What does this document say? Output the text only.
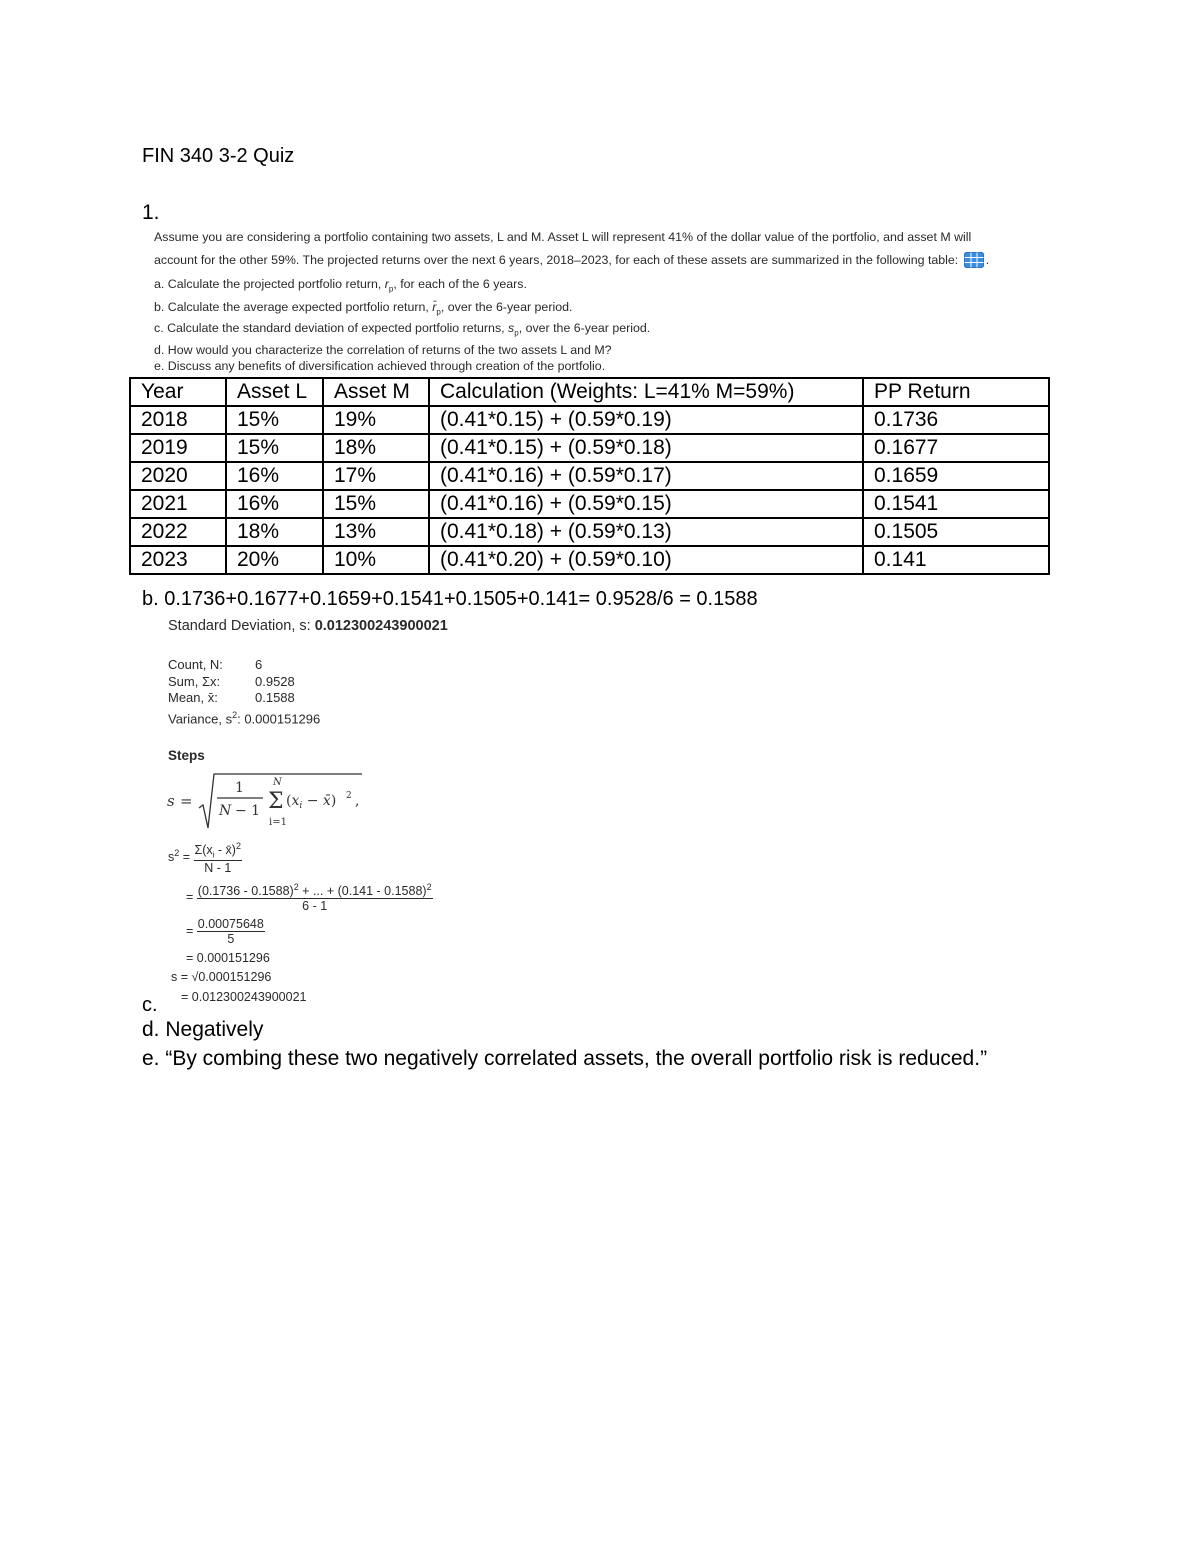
FIN 340 3-2 Quiz
1.
Assume you are considering a portfolio containing two assets, L and M. Asset L will represent 41% of the dollar value of the portfolio, and asset M will
account for the other 59%. The projected returns over the next 6 years, 2018–2023, for each of these assets are summarized in the following table: .
a. Calculate the projected portfolio return, $r_p$, for each of the 6 years.
b. Calculate the average expected portfolio return, $r̄_p$, over the 6-year period.
c. Calculate the standard deviation of expected portfolio returns, $s_p$, over the 6-year period.
d. How would you characterize the correlation of returns of the two assets L and M?
e. Discuss any benefits of diversification achieved through creation of the portfolio.
Year	Asset L	Asset M	Calculation (Weights: L=41% M=59%)	PP Return
2018	15%	19%	(0.41*0.15) + (0.59*0.19)	0.1736
2019	15%	18%	(0.41*0.15) + (0.59*0.18)	0.1677
2020	16%	17%	(0.41*0.16) + (0.59*0.17)	0.1659
2021	16%	15%	(0.41*0.16) + (0.59*0.15)	0.1541
2022	18%	13%	(0.41*0.18) + (0.59*0.13)	0.1505
2023	20%	10%	(0.41*0.20) + (0.59*0.10)	0.141
b. 0.1736+0.1677+0.1659+0.1541+0.1505+0.141= 0.9528/6 = 0.1588
Standard Deviation, s: 0.012300243900021
Count, N: 6
Sum, Σx:	0.9528
Mean, x̄:	0.1588
Variance, $s^2$: 0.000151296
Steps
s =
1
N − 1
N
Σ
i=1
($x_i$ − x̄) 2 ,
$s^2 = \frac{\Sigma(x_i - x̄)^2}{N - 1}$
= $\frac{(0.1736 - 0.1588)^2 + ... + (0.141 - 0.1588)^2}{6 - 1}$
= $\frac{0.00075648}{5}$
= 0.000151296
s = √0.000151296
= 0.012300243900021
c.
d. Negatively
e. “By combing these two negatively correlated assets, the overall portfolio risk is reduced.”
